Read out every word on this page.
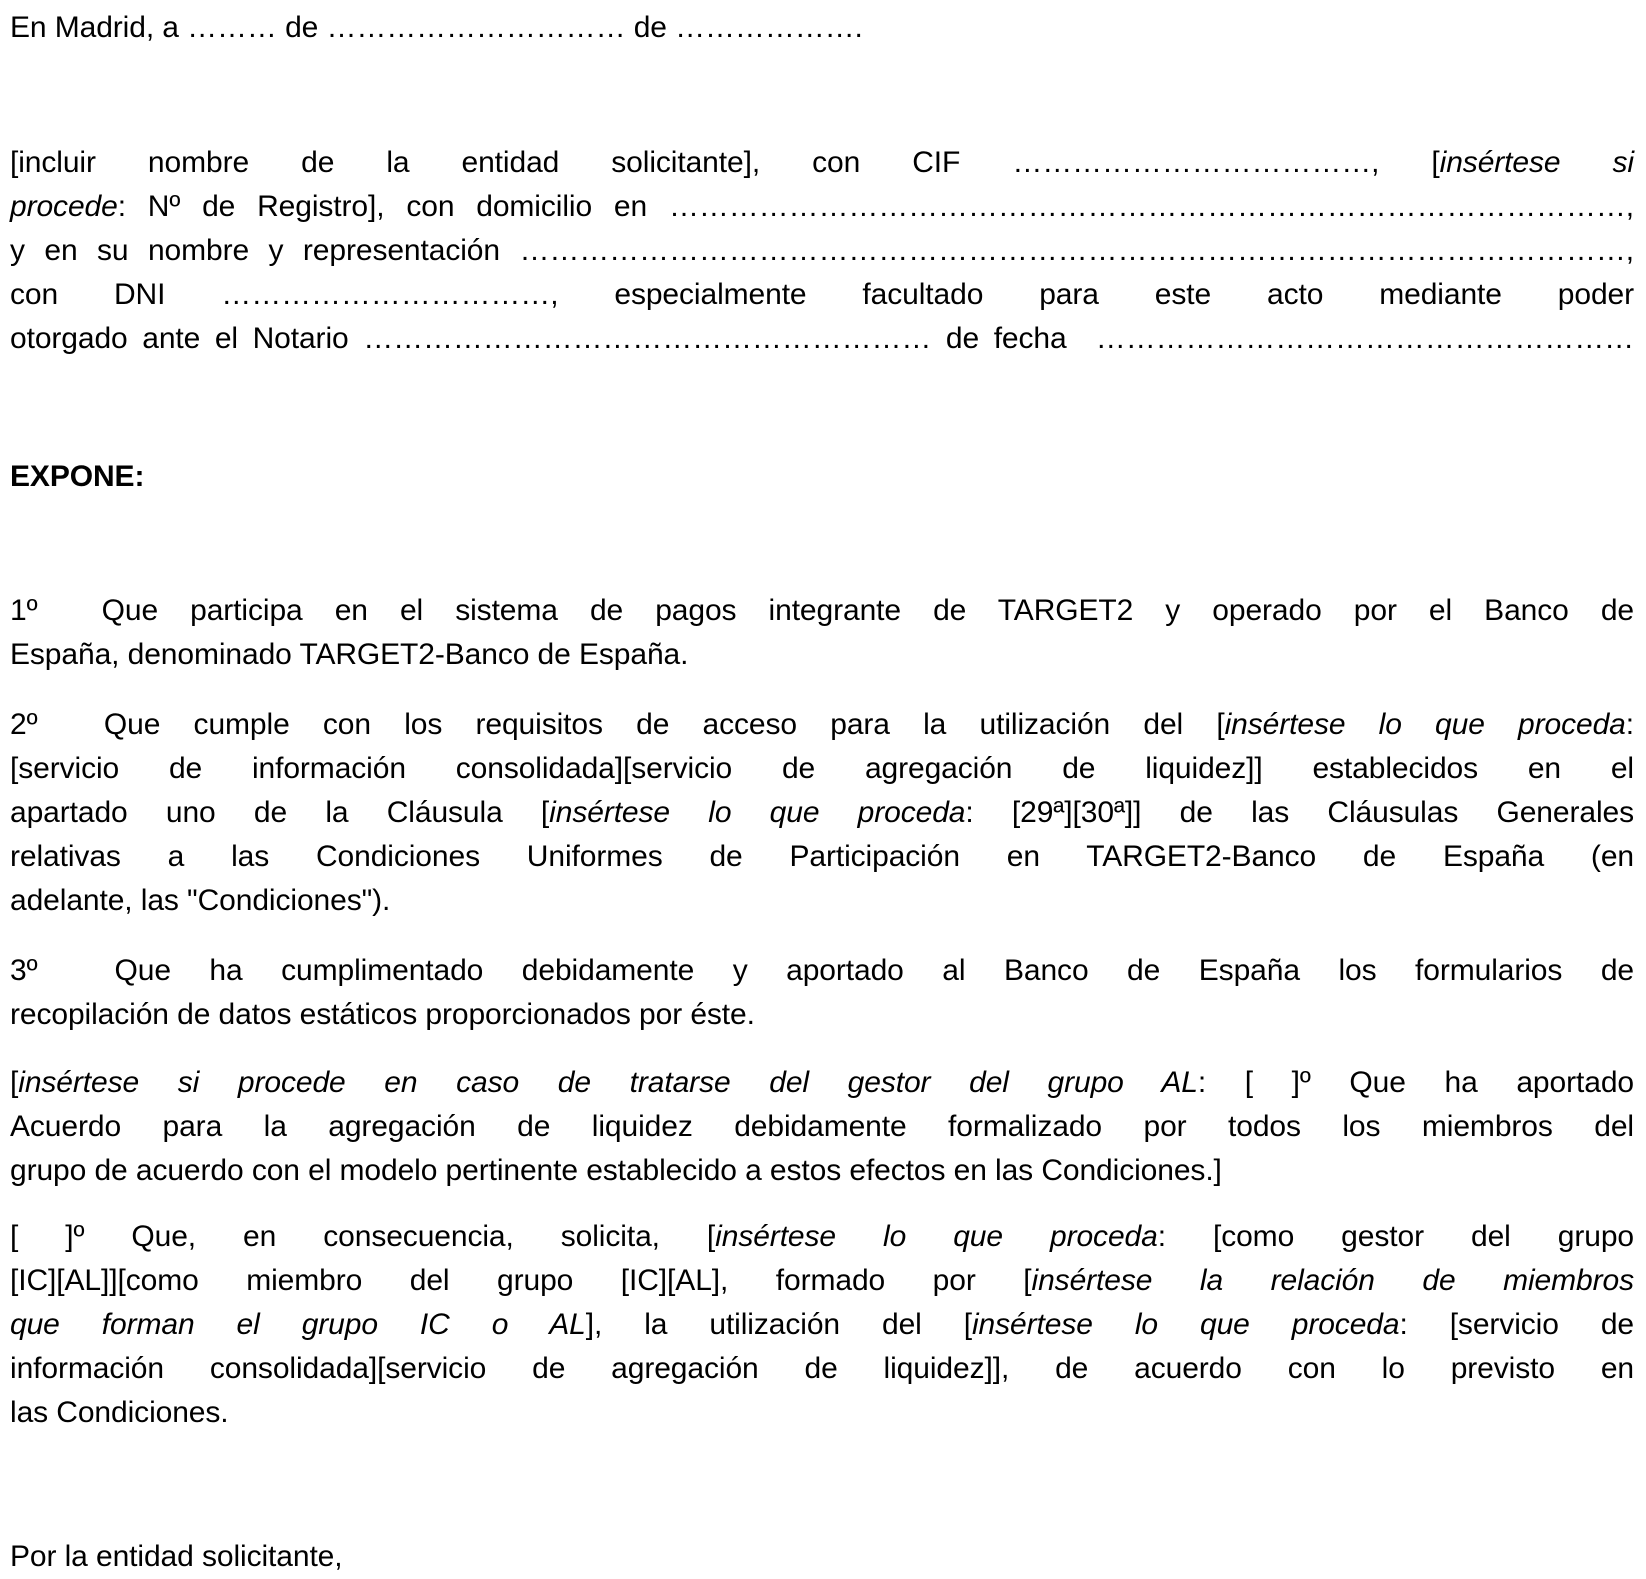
En Madrid, a ……… de ………………………… de ……………….
[incluir nombre de la entidad solicitante], con CIF ………………………………, [insértese si
procede: Nº de Registro], con domicilio en ……………………………………………………………………………………,
y en su nombre y representación …………………………………………………………………………………………………,
con DNI ……………………………, especialmente facultado para este acto mediante poder
otorgado ante el Notario ………………………………………………… de fecha  ………………………………………………
EXPONE:
1º  Que participa en el sistema de pagos integrante de TARGET2 y operado por el Banco de
España, denominado TARGET2-Banco de España.
2º  Que cumple con los requisitos de acceso para la utilización del [insértese lo que proceda:
[servicio de información consolidada][servicio de agregación de liquidez]] establecidos en el
apartado uno de la Cláusula [insértese lo que proceda: [29ª][30ª]] de las Cláusulas Generales
relativas a las Condiciones Uniformes de Participación en TARGET2-Banco de España (en
adelante, las "Condiciones").
3º  Que ha cumplimentado debidamente y aportado al Banco de España los formularios de
recopilación de datos estáticos proporcionados por éste.
[insértese si procede en caso de tratarse del gestor del grupo AL: [ ]º Que ha aportado
Acuerdo para la agregación de liquidez debidamente formalizado por todos los miembros del
grupo de acuerdo con el modelo pertinente establecido a estos efectos en las Condiciones.]
[ ]º Que, en consecuencia, solicita, [insértese lo que proceda: [como gestor del grupo
[IC][AL]][como miembro del grupo [IC][AL], formado por [insértese la relación de miembros
que forman el grupo IC o AL], la utilización del [insértese lo que proceda: [servicio de
información consolidada][servicio de agregación de liquidez]], de acuerdo con lo previsto en
las Condiciones.
Por la entidad solicitante,
